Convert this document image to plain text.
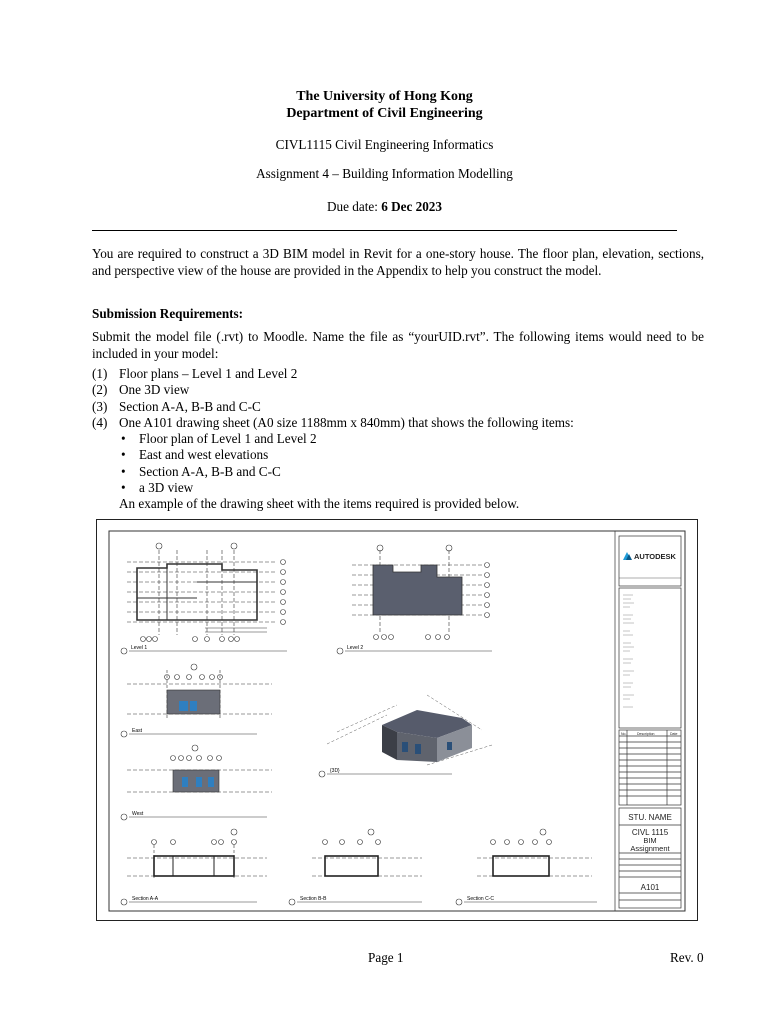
The University of Hong Kong
Department of Civil Engineering
CIVL1115 Civil Engineering Informatics
Assignment 4 – Building Information Modelling
Due date: 6 Dec 2023

You are required to construct a 3D BIM model in Revit for a one-story house. The floor plan, elevation, sections, and perspective view of the house are provided in the Appendix to help you construct the model.

Submission Requirements:

Submit the model file (.rvt) to Moodle. Name the file as “yourUID.rvt”. The following items would need to be included in your model:

(1) Floor plans – Level 1 and Level 2
(2) One 3D view
(3) Section A-A, B-B and C-C
(4) One A101 drawing sheet (A0 size 1188mm x 840mm) that shows the following items:
•	Floor plan of Level 1 and Level 2
•	East and west elevations
•	Section A-A, B-B and C-C
•	a 3D view
An example of the drawing sheet with the items required is provided below.
Level 1	Level 2
East
West
{3D}
Section A-A	Section B-B	Section C-C
AUTODESK
No.	Description	Date
STU. NAME
CIVL 1115
BIM
Assignment
A101
Page 1	Rev. 0
